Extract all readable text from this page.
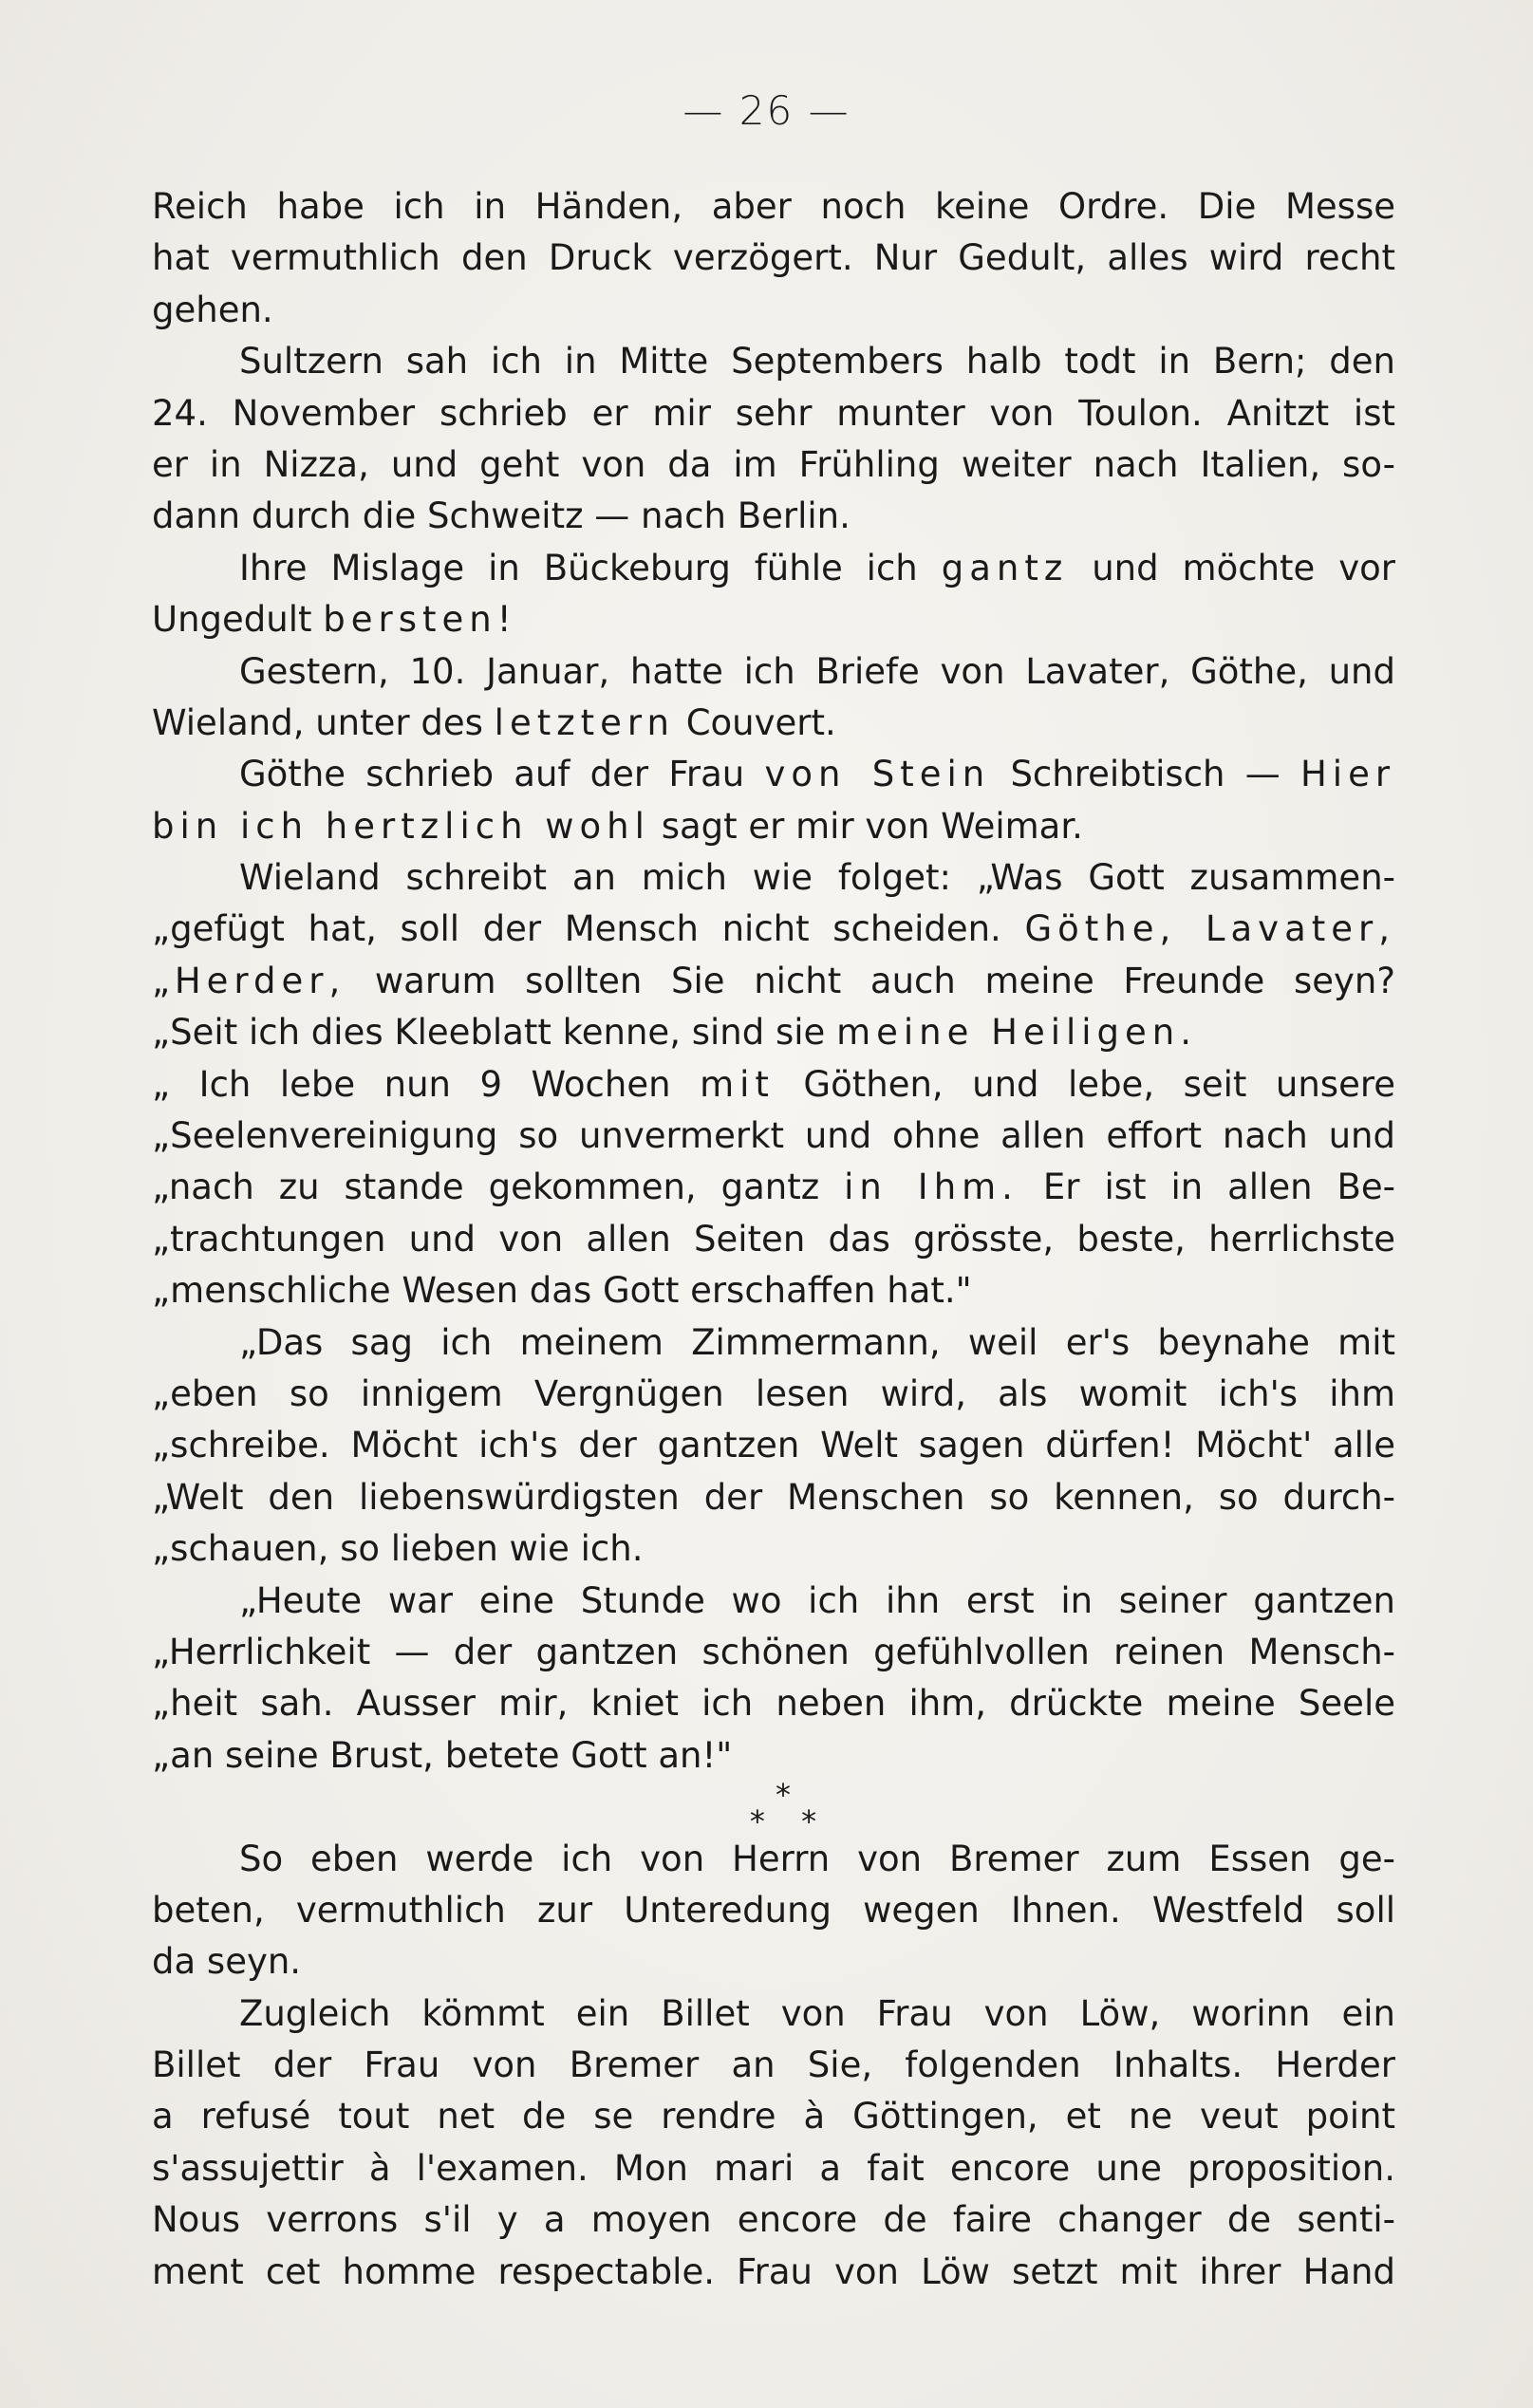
— 26 —
Reich habe ich in Händen, aber noch keine Ordre. Die Messe
hat vermuthlich den Druck verzögert. Nur Gedult, alles wird recht
gehen.
Sultzern sah ich in Mitte Septembers halb todt in Bern; den
24. November schrieb er mir sehr munter von Toulon. Anitzt ist
er in Nizza, und geht von da im Frühling weiter nach Italien, so-
dann durch die Schweitz — nach Berlin.
Ihre Mislage in Bückeburg fühle ich gantz und möchte vor
Ungedult bersten!
Gestern, 10. Januar, hatte ich Briefe von Lavater, Göthe, und
Wieland, unter des letztern Couvert.
Göthe schrieb auf der Frau von Stein Schreibtisch — Hier
bin ich hertzlich wohl sagt er mir von Weimar.
Wieland schreibt an mich wie folget: „Was Gott zusammen-
„gefügt hat, soll der Mensch nicht scheiden. Göthe, Lavater,
„Herder, warum sollten Sie nicht auch meine Freunde seyn?
„Seit ich dies Kleeblatt kenne, sind sie meine Heiligen.
„ Ich lebe nun 9 Wochen mit Göthen, und lebe, seit unsere
„Seelenvereinigung so unvermerkt und ohne allen effort nach und
„nach zu stande gekommen, gantz in Ihm. Er ist in allen Be-
„trachtungen und von allen Seiten das grösste, beste, herrlichste
„menschliche Wesen das Gott erschaffen hat."
„Das sag ich meinem Zimmermann, weil er's beynahe mit
„eben so innigem Vergnügen lesen wird, als womit ich's ihm
„schreibe. Möcht ich's der gantzen Welt sagen dürfen! Möcht' alle
„Welt den liebenswürdigsten der Menschen so kennen, so durch-
„schauen, so lieben wie ich.
„Heute war eine Stunde wo ich ihn erst in seiner gantzen
„Herrlichkeit — der gantzen schönen gefühlvollen reinen Mensch-
„heit sah. Ausser mir, kniet ich neben ihm, drückte meine Seele
„an seine Brust, betete Gott an!"
*
* *
So eben werde ich von Herrn von Bremer zum Essen ge-
beten, vermuthlich zur Unteredung wegen Ihnen. Westfeld soll
da seyn.
Zugleich kömmt ein Billet von Frau von Löw, worinn ein
Billet der Frau von Bremer an Sie, folgenden Inhalts. Herder
a refusé tout net de se rendre à Göttingen, et ne veut point
s'assujettir à l'examen. Mon mari a fait encore une proposition.
Nous verrons s'il y a moyen encore de faire changer de senti-
ment cet homme respectable. Frau von Löw setzt mit ihrer Hand
